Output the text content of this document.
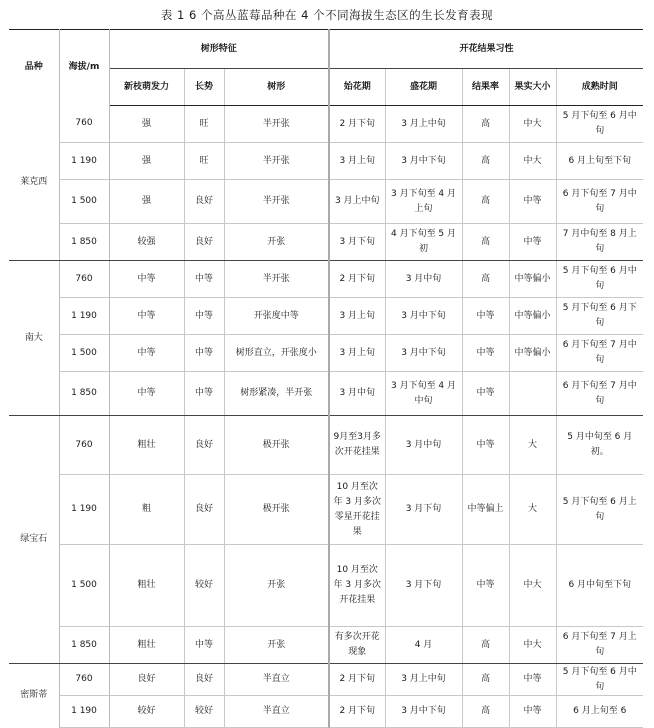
表 1 6 个高丛蓝莓品种在 4 个不同海拔生态区的生长发育表现
品种	海拔/m	树形特征			开花结果习性				
		新枝萌发力	长势	树形	始花期	盛花期	结果率	果实大小	成熟时间
莱克西	760	强	旺	半开张	2 月下旬	3 月上中旬	高	中大	5 月下旬至 6 月中旬
	1 190	强	旺	半开张	3 月上旬	3 月中下旬	高	中大	6 月上旬至下旬
	1 500	强	良好	半开张	3 月上中旬	3 月下旬至 4 月上旬	高	中等	6 月下旬至 7 月中旬
	1 850	较强	良好	开张	3 月下旬	4 月下旬至 5 月初	高	中等	7 月中旬至 8 月上旬
南大	760	中等	中等	半开张	2 月下旬	3 月中旬	高	中等偏小	5 月下旬至 6 月中旬
	1 190	中等	中等	开张度中等	3 月上旬	3 月中下旬	中等	中等偏小	5 月下旬至 6 月下旬
	1 500	中等	中等	树形直立，开张度小	3 月上旬	3 月中下旬	中等	中等偏小	6 月下旬至 7 月中旬
	1 850	中等	中等	树形紧凑，半开张	3 月中旬	3 月下旬至 4 月中旬	中等		6 月下旬至 7 月中旬
绿宝石	760	粗壮	良好	极开张	9月至3月多次开花挂果	3 月中旬	中等	大	5 月中旬至 6 月初。
	1 190	粗	良好	极开张	10 月至次年 3 月多次零星开花挂果	3 月下旬	中等偏上	大	5 月下旬至 6 月上旬
	1 500	粗壮	较好	开张	10 月至次年 3 月多次开花挂果	3 月下旬	中等	中大	6 月中旬至下旬
	1 850	粗壮	中等	开张	有多次开花现象	4 月	高	中大	6 月下旬至 7 月上旬
密斯蒂	760	良好	良好	半直立	2 月下旬	3 月上中旬	高	中等	5 月下旬至 6 月中旬
	1 190	较好	较好	半直立	2 月下旬	3 月中下旬	高	中等	6 月上旬至 6
